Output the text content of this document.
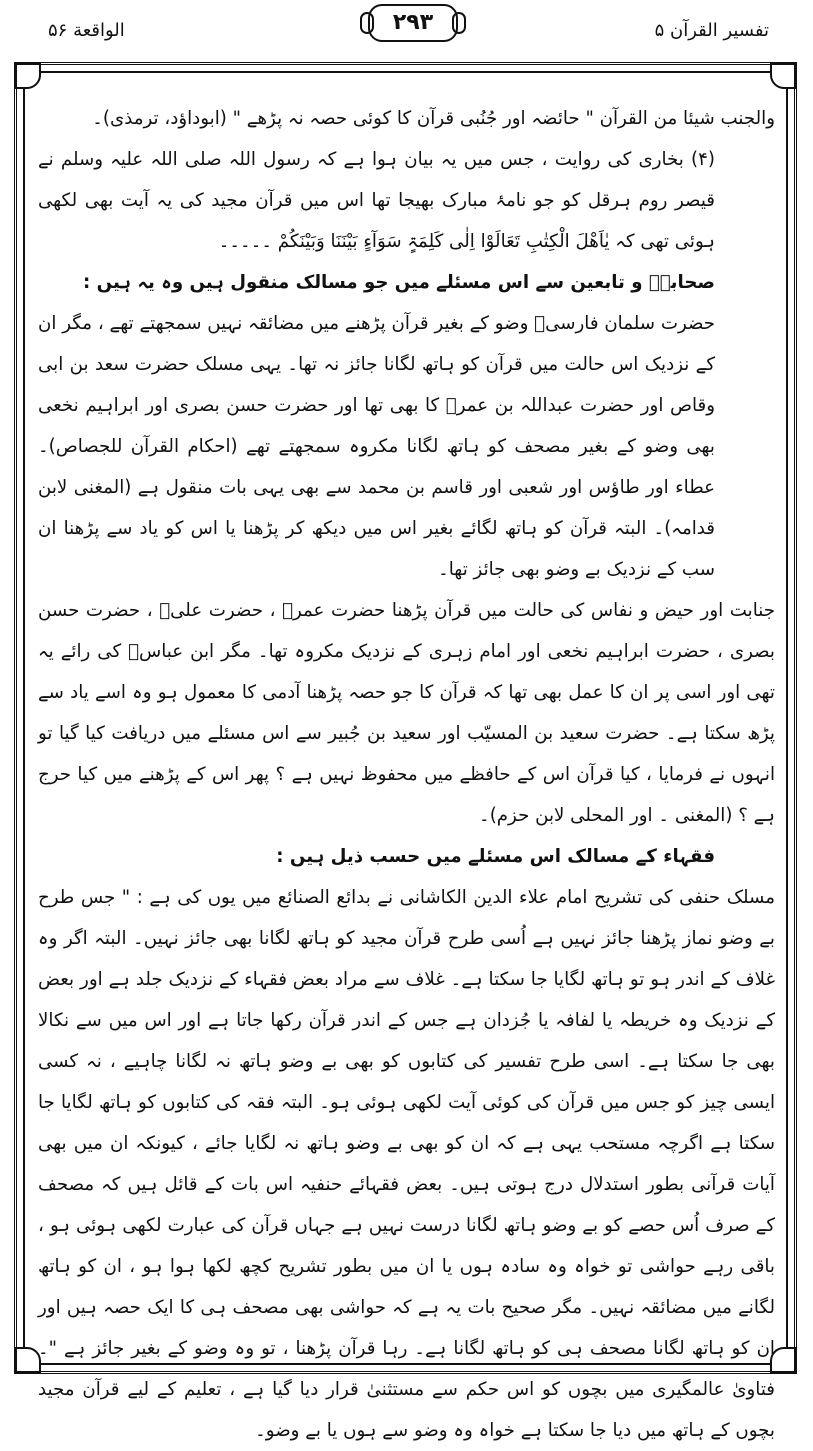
الواقعة ۵۶	۲۹۳	تفسیر القرآن ۵

والجنب شیئا من القرآن " حائضہ اور جُنُبی قرآن کا کوئی حصہ نہ پڑھے " (ابوداؤد، ترمذی)۔

(۴) بخاری کی روایت ، جس میں یہ بیان ہوا ہے کہ رسول اللہ صلی اللہ علیہ وسلم نے قیصر روم ہرقل کو جو نامۂ مبارک بھیجا تھا اس میں قرآن مجید کی یہ آیت بھی لکھی ہوئی تھی کہ یٰاَھْلَ الْکِتٰبِ تَعَالَوْا اِلٰی کَلِمَۃٍ سَوَآءٍ بَیْنَنَا وَبَیْنَکُمْ ۔۔۔۔۔

صحابہؓ و تابعین سے اس مسئلے میں جو مسالک منقول ہیں وہ یہ ہیں :

حضرت سلمان فارسیؓ وضو کے بغیر قرآن پڑھنے میں مضائقہ نہیں سمجھتے تھے ، مگر ان کے نزدیک اس حالت میں قرآن کو ہاتھ لگانا جائز نہ تھا۔ یہی مسلک حضرت سعد بن ابی وقاص اور حضرت عبداللہ بن عمرؓ کا بھی تھا اور حضرت حسن بصری اور ابراہیم نخعی بھی وضو کے بغیر مصحف کو ہاتھ لگانا مکروہ سمجھتے تھے (احکام القرآن للجصاص)۔ عطاء اور طاؤس اور شعبی اور قاسم بن محمد سے بھی یہی بات منقول ہے (المغنی لابن قدامہ)۔ البتہ قرآن کو ہاتھ لگائے بغیر اس میں دیکھ کر پڑھنا یا اس کو یاد سے پڑھنا ان سب کے نزدیک بے وضو بھی جائز تھا۔

جنابت اور حیض و نفاس کی حالت میں قرآن پڑھنا حضرت عمرؓ ، حضرت علیؓ ، حضرت حسن بصری ، حضرت ابراہیم نخعی اور امام زہری کے نزدیک مکروہ تھا۔ مگر ابن عباسؓ کی رائے یہ تھی اور اسی پر ان کا عمل بھی تھا کہ قرآن کا جو حصہ پڑھنا آدمی کا معمول ہو وہ اسے یاد سے پڑھ سکتا ہے۔ حضرت سعید بن المسیّب اور سعید بن جُبیر سے اس مسئلے میں دریافت کیا گیا تو انہوں نے فرمایا ، کیا قرآن اس کے حافظے میں محفوظ نہیں ہے ؟ پھر اس کے پڑھنے میں کیا حرج ہے ؟ (المغنی ۔ اور المحلی لابن حزم)۔

فقہاء کے مسالک اس مسئلے میں حسب ذیل ہیں :

مسلک حنفی کی تشریح امام علاء الدین الکاشانی نے بدائع الصنائع میں یوں کی ہے : " جس طرح بے وضو نماز پڑھنا جائز نہیں ہے اُسی طرح قرآن مجید کو ہاتھ لگانا بھی جائز نہیں۔ البتہ اگر وہ غلاف کے اندر ہو تو ہاتھ لگایا جا سکتا ہے۔ غلاف سے مراد بعض فقہاء کے نزدیک جلد ہے اور بعض کے نزدیک وہ خریطہ یا لفافہ یا جُزدان ہے جس کے اندر قرآن رکھا جاتا ہے اور اس میں سے نکالا بھی جا سکتا ہے۔ اسی طرح تفسیر کی کتابوں کو بھی بے وضو ہاتھ نہ لگانا چاہیے ، نہ کسی ایسی چیز کو جس میں قرآن کی کوئی آیت لکھی ہوئی ہو۔ البتہ فقہ کی کتابوں کو ہاتھ لگایا جا سکتا ہے اگرچہ مستحب یہی ہے کہ ان کو بھی بے وضو ہاتھ نہ لگایا جائے ، کیونکہ ان میں بھی آیات قرآنی بطور استدلال درج ہوتی ہیں۔ بعض فقہائے حنفیہ اس بات کے قائل ہیں کہ مصحف کے صرف اُس حصے کو بے وضو ہاتھ لگانا درست نہیں ہے جہاں قرآن کی عبارت لکھی ہوئی ہو ، باقی رہے حواشی تو خواہ وہ سادہ ہوں یا ان میں بطور تشریح کچھ لکھا ہوا ہو ، ان کو ہاتھ لگانے میں مضائقہ نہیں۔ مگر صحیح بات یہ ہے کہ حواشی بھی مصحف ہی کا ایک حصہ ہیں اور ان کو ہاتھ لگانا مصحف ہی کو ہاتھ لگانا ہے۔ رہا قرآن پڑھنا ، تو وہ وضو کے بغیر جائز ہے "۔ فتاویٰ عالمگیری میں بچوں کو اس حکم سے مستثنیٰ قرار دیا گیا ہے ، تعلیم کے لیے قرآن مجید بچوں کے ہاتھ میں دیا جا سکتا ہے خواہ وہ وضو سے ہوں یا بے وضو۔
